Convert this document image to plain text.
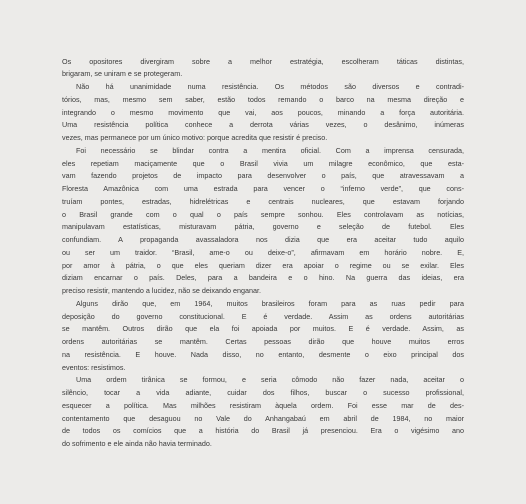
Os opositores divergiram sobre a melhor estratégia, escolheram táticas distintas,
brigaram, se uniram e se protegeram.
Não há unanimidade numa resistência. Os métodos são diversos e contradi-
tórios, mas, mesmo sem saber, estão todos remando o barco na mesma direção e
integrando o mesmo movimento que vai, aos poucos, minando a força autoritária.
Uma resistência política conhece a derrota várias vezes, o desânimo, inúmeras
vezes, mas permanece por um único motivo: porque acredita que resistir é preciso.
Foi necessário se blindar contra a mentira oficial. Com a imprensa censurada,
eles repetiam maciçamente que o Brasil vivia um milagre econômico, que esta-
vam fazendo projetos de impacto para desenvolver o país, que atravessavam a
Floresta Amazônica com uma estrada para vencer o “inferno verde”, que cons-
truíam pontes, estradas, hidrelétricas e centrais nucleares, que estavam forjando
o Brasil grande com o qual o país sempre sonhou. Eles controlavam as notícias,
manipulavam estatísticas, misturavam pátria, governo e seleção de futebol. Eles
confundiam. A propaganda avassaladora nos dizia que era aceitar tudo aquilo
ou ser um traidor. “Brasil, ame-o ou deixe-o”, afirmavam em horário nobre. E,
por amor à pátria, o que eles queriam dizer era apoiar o regime ou se exilar. Eles
diziam encarnar o país. Deles, para a bandeira e o hino. Na guerra das ideias, era
preciso resistir, mantendo a lucidez, não se deixando enganar.
Alguns dirão que, em 1964, muitos brasileiros foram para as ruas pedir para
deposição do governo constitucional. E é verdade. Assim as ordens autoritárias
se mantêm. Outros dirão que ela foi apoiada por muitos. E é verdade. Assim, as
ordens autoritárias se mantêm. Certas pessoas dirão que houve muitos erros
na resistência. E houve. Nada disso, no entanto, desmente o eixo principal dos
eventos: resistimos.
Uma ordem tirânica se formou, e seria cômodo não fazer nada, aceitar o
silêncio, tocar a vida adiante, cuidar dos filhos, buscar o sucesso profissional,
esquecer a política. Mas milhões resistiram àquela ordem. Foi esse mar de des-
contentamento que desaguou no Vale do Anhangabaú em abril de 1984, no maior
de todos os comícios que a história do Brasil já presenciou. Era o vigésimo ano
do sofrimento e ele ainda não havia terminado.
